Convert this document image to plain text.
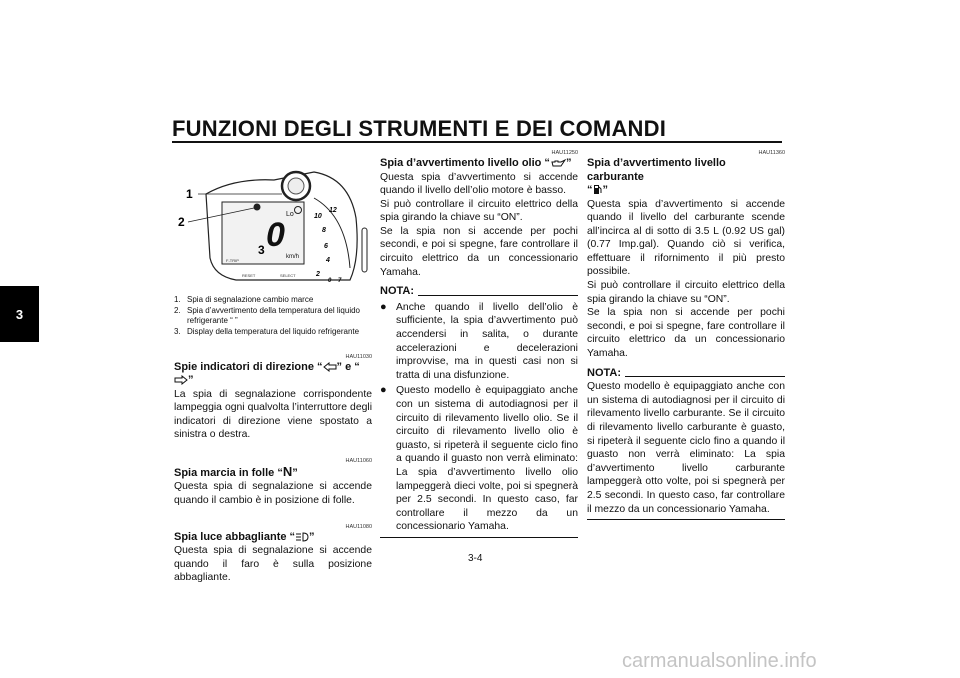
FUNZIONI DEGLI STRUMENTI E DEI COMANDI
3
0
Lo
km/h
F-TRIP
12
10
8
6
4
2
0 7
RESET	SELECT
1
2
3
1. Spia di segnalazione cambio marce
2. Spia d’avvertimento della temperatura del liquido refrigerante “ ”
3. Display della temperatura del liquido refrigerante
HAU11030
Spie indicatori di direzione “ ” e “”

La spia di segnalazione corrispondente lampeggia ogni qualvolta l’interruttore degli indicatori di direzione viene spostato a sinistra o destra.

HAU11060
Spia marcia in folle “N”

Questa spia di segnalazione si accende quando il cambio è in posizione di folle.

HAU11080
Spia luce abbagliante “ ”

Questa spia di segnalazione si accende quando il faro è sulla posizione abbagliante.

HAU11250
Spia d’avvertimento livello olio “ ”

Questa spia d’avvertimento si accende quando il livello dell’olio motore è basso.

Si può controllare il circuito elettrico della spia girando la chiave su “ON”.

Se la spia non si accende per pochi secondi, e poi si spegne, fare controllare il circuito elettrico da un concessionario Yamaha.

NOTA:
● Anche quando il livello dell’olio è sufficiente, la spia d’avvertimento può accendersi in salita, o durante accelerazioni e decelerazioni improvvise, ma in questi casi non si tratta di una disfunzione.

● Questo modello è equipaggiato anche con un sistema di autodiagnosi per il circuito di rilevamento livello olio. Se il circuito di rilevamento livello olio è guasto, si ripeterà il seguente ciclo fino a quando il guasto non verrà eliminato: La spia d’avvertimento livello olio lampeggerà dieci volte, poi si spegnerà per 2.5 secondi. In questo caso, far controllare il mezzo da un concessionario Yamaha.

HAU11360
Spia d’avvertimento livello carburante
“ ”

Questa spia d’avvertimento si accende quando il livello del carburante scende all’incirca al di sotto di 3.5 L (0.92 US gal) (0.77 Imp.gal). Quando ciò si verifica, effettuare il rifornimento il più presto possibile.

Si può controllare il circuito elettrico della spia girando la chiave su “ON”.

Se la spia non si accende per pochi secondi, e poi si spegne, fare controllare il circuito elettrico da un concessionario Yamaha.

NOTA:

Questo modello è equipaggiato anche con un sistema di autodiagnosi per il circuito di rilevamento livello carburante. Se il circuito di rilevamento livello carburante è guasto, si ripeterà il seguente ciclo fino a quando il guasto non verrà eliminato: La spia d’avvertimento livello carburante lampeggerà otto volte, poi si spegnerà per 2.5 secondi. In questo caso, far controllare il mezzo da un concessionario Yamaha.

3-4
carmanualsonline.info
